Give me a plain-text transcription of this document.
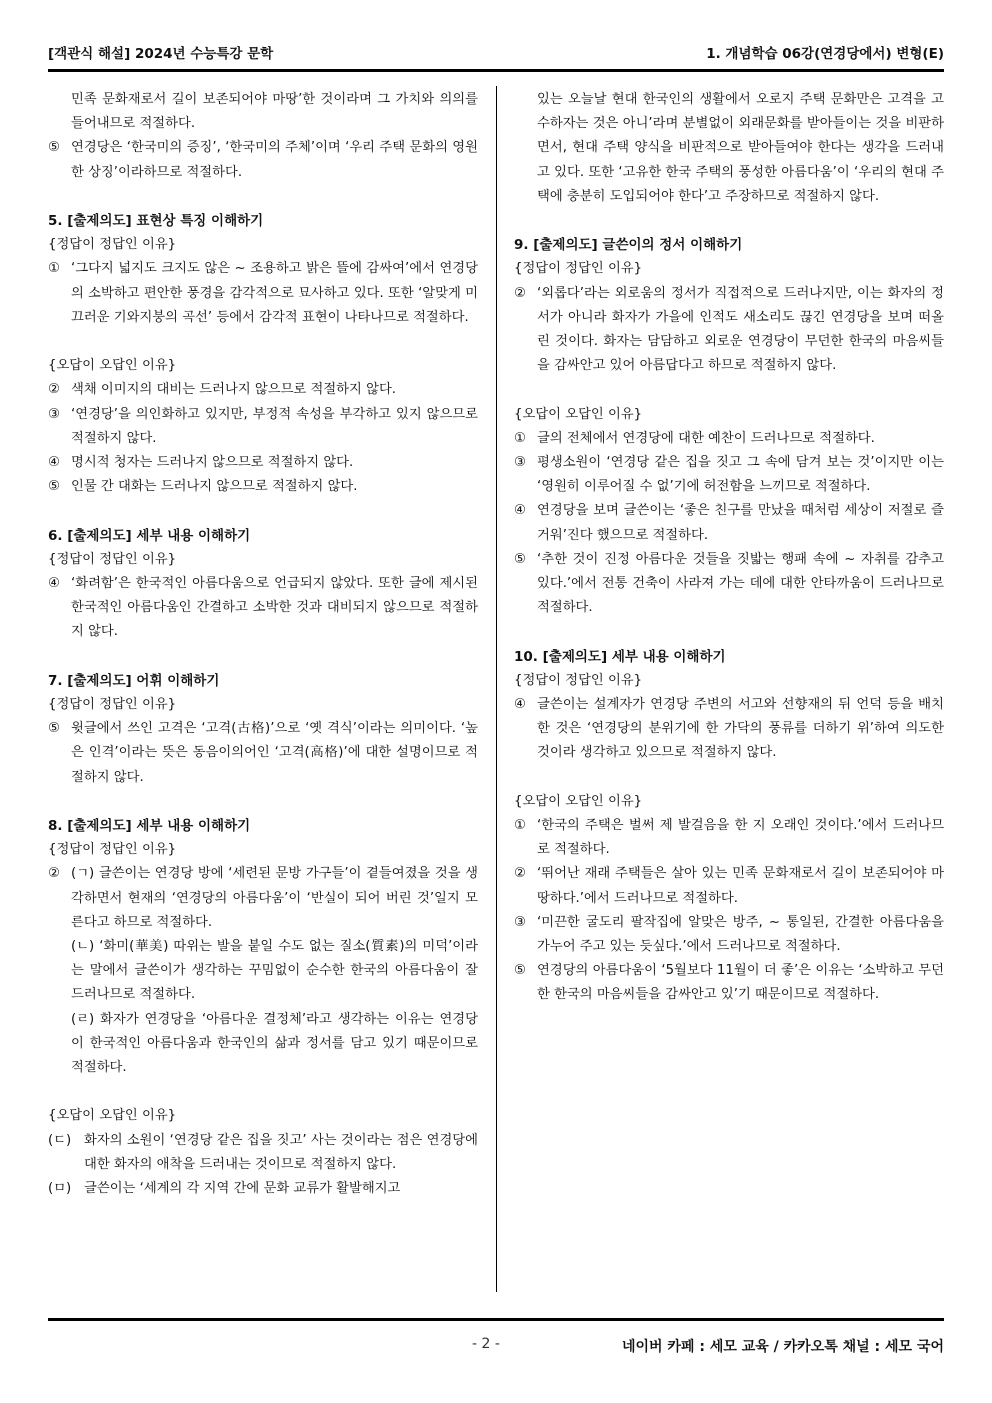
[객관식 해설] 2024년 수능특강 문학	1. 개념학습 06강(연경당에서) 변형(E)
민족 문화재로서 길이 보존되어야 마땅’한 것이라며 그 가치와 의의를 들어내므로 적절하다.
⑤ 연경당은 ‘한국미의 증징’, ‘한국미의 주체’이며 ‘우리 주택 문화의 영원한 상징’이라하므로 적절하다.
5. [출제의도] 표현상 특징 이해하기
{정답이 정답인 이유}
① ‘그다지 넓지도 크지도 않은 ~ 조용하고 밝은 뜰에 감싸여’에서 연경당의 소박하고 편안한 풍경을 감각적으로 묘사하고 있다. 또한 ‘알맞게 미끄러운 기와지붕의 곡선’ 등에서 감각적 표현이 나타나므로 적절하다.
{오답이 오답인 이유}
② 색채 이미지의 대비는 드러나지 않으므로 적절하지 않다.
③ ‘연경당’을 의인화하고 있지만, 부정적 속성을 부각하고 있지 않으므로 적절하지 않다.
④ 명시적 청자는 드러나지 않으므로 적절하지 않다.
⑤ 인물 간 대화는 드러나지 않으므로 적절하지 않다.
6. [출제의도] 세부 내용 이해하기
{정답이 정답인 이유}
④ ‘화려함’은 한국적인 아름다움으로 언급되지 않았다. 또한 글에 제시된 한국적인 아름다움인 간결하고 소박한 것과 대비되지 않으므로 적절하지 않다.
7. [출제의도] 어휘 이해하기
{정답이 정답인 이유}
⑤ 윗글에서 쓰인 고격은 ‘고격(古格)’으로 ‘옛 격식’이라는 의미이다. ‘높은 인격’이라는 뜻은 동음이의어인 ‘고격(高格)’에 대한 설명이므로 적절하지 않다.
8. [출제의도] 세부 내용 이해하기
{정답이 정답인 이유}
② (ㄱ) 글쓴이는 연경당 방에 ‘세련된 문방 가구들’이 곁들여졌을 것을 생각하면서 현재의 ‘연경당의 아름다움’이 ‘반실이 되어 버린 것’일지 모른다고 하므로 적절하다.
(ㄴ) ‘화미(華美) 따위는 발을 붙일 수도 없는 질소(質素)의 미덕’이라는 말에서 글쓴이가 생각하는 꾸밈없이 순수한 한국의 아름다움이 잘 드러나므로 적절하다.
(ㄹ) 화자가 연경당을 ‘아름다운 결정체’라고 생각하는 이유는 연경당이 한국적인 아름다움과 한국인의 삶과 정서를 담고 있기 때문이므로 적절하다.
{오답이 오답인 이유}
(ㄷ) 화자의 소원이 ‘연경당 같은 집을 짓고’ 사는 것이라는 점은 연경당에 대한 화자의 애착을 드러내는 것이므로 적절하지 않다.
(ㅁ) 글쓴이는 ‘세계의 각 지역 간에 문화 교류가 활발해지고
있는 오늘날 현대 한국인의 생활에서 오로지 주택 문화만은 고격을 고수하자는 것은 아니’라며 분별없이 외래문화를 받아들이는 것을 비판하면서, 현대 주택 양식을 비판적으로 받아들여야 한다는 생각을 드러내고 있다. 또한 ‘고유한 한국 주택의 풍성한 아름다움’이 ‘우리의 현대 주택에 충분히 도입되어야 한다’고 주장하므로 적절하지 않다.
9. [출제의도] 글쓴이의 정서 이해하기
{정답이 정답인 이유}
② ‘외롭다’라는 외로움의 정서가 직접적으로 드러나지만, 이는 화자의 정서가 아니라 화자가 가을에 인적도 새소리도 끊긴 연경당을 보며 떠올린 것이다. 화자는 담담하고 외로운 연경당이 무던한 한국의 마음씨들을 감싸안고 있어 아름답다고 하므로 적절하지 않다.
{오답이 오답인 이유}
① 글의 전체에서 연경당에 대한 예찬이 드러나므로 적절하다.
③ 평생소원이 ‘연경당 같은 집을 짓고 그 속에 담겨 보는 것’이지만 이는 ‘영원히 이루어질 수 없’기에 허전함을 느끼므로 적절하다.
④ 연경당을 보며 글쓴이는 ‘좋은 친구를 만났을 때처럼 세상이 저절로 즐거워’진다 했으므로 적절하다.
⑤ ‘추한 것이 진정 아름다운 것들을 짓밟는 행패 속에 ~ 자취를 감추고 있다.’에서 전통 건축이 사라져 가는 데에 대한 안타까움이 드러나므로 적절하다.
10. [출제의도] 세부 내용 이해하기
{정답이 정답인 이유}
④ 글쓴이는 설계자가 연경당 주변의 서고와 선향재의 뒤 언덕 등을 배치한 것은 ‘연경당의 분위기에 한 가닥의 풍류를 더하기 위’하여 의도한 것이라 생각하고 있으므로 적절하지 않다.
{오답이 오답인 이유}
① ‘한국의 주택은 벌써 제 발걸음을 한 지 오래인 것이다.’에서 드러나므로 적절하다.
② ‘뛰어난 재래 주택들은 살아 있는 민족 문화재로서 길이 보존되어야 마땅하다.’에서 드러나므로 적절하다.
③ ‘미끈한 굴도리 팔작집에 알맞은 방주, ~ 통일된, 간결한 아름다움을 가누어 주고 있는 듯싶다.’에서 드러나므로 적절하다.
⑤ 연경당의 아름다움이 ‘5월보다 11월이 더 좋’은 이유는 ‘소박하고 무던한 한국의 마음씨들을 감싸안고 있’기 때문이므로 적절하다.
- 2 -	네이버 카페 : 세모 교육 / 카카오톡 채널 : 세모 국어
